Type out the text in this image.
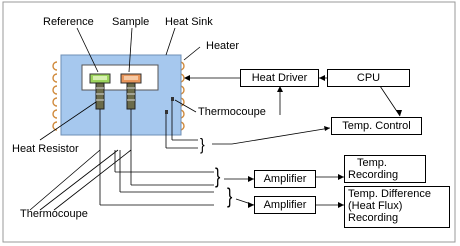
Reference Sample Heat Sink
Heater
Thermocoupe
Heat Resistor
Thermocoupe
}
}
}
Heat Driver	CPU
Temp. Control
Amplifier
Amplifier
Temp.
Recording
Temp. Difference
(Heat Flux)
Recording
